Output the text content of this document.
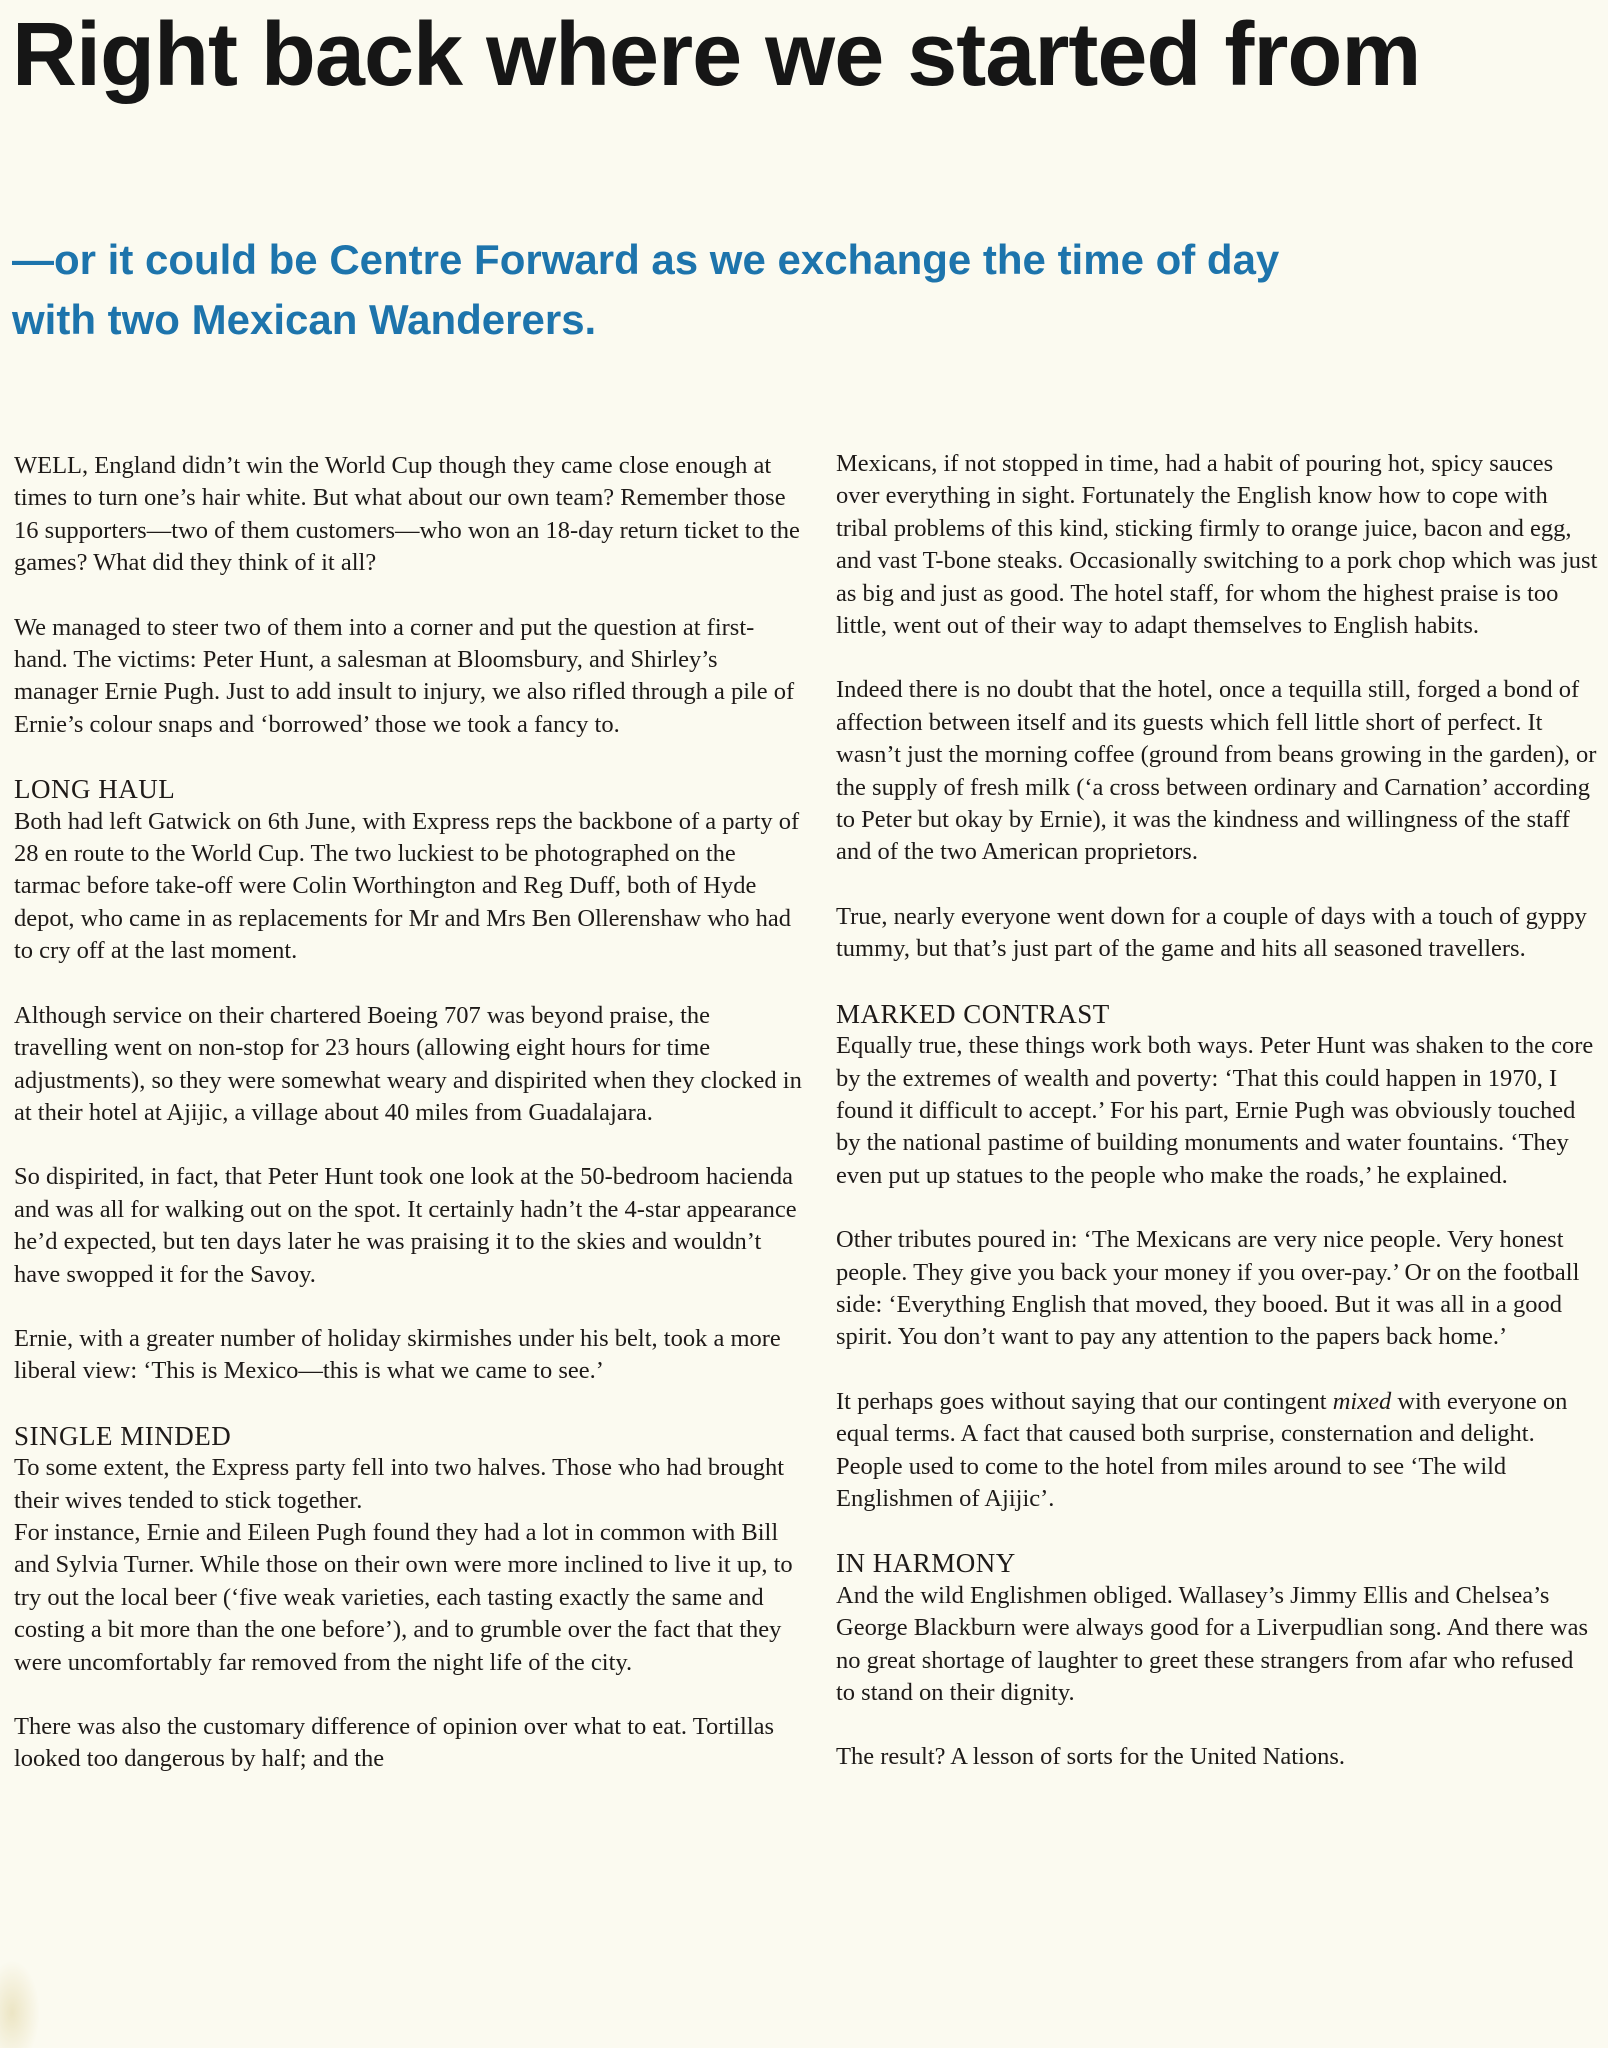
Right back where we started from

—or it could be Centre Forward as we exchange the time of day with two Mexican Wanderers.

WELL, England didn’t win the World Cup though they came close enough at times to turn one’s hair white. But what about our own team? Remember those 16 supporters—two of them customers—who won an 18-day return ticket to the games? What did they think of it all?

We managed to steer two of them into a corner and put the question at first-hand. The victims: Peter Hunt, a salesman at Bloomsbury, and Shirley’s manager Ernie Pugh. Just to add insult to injury, we also rifled through a pile of Ernie’s colour snaps and ‘borrowed’ those we took a fancy to.

LONG HAUL

Both had left Gatwick on 6th June, with Express reps the backbone of a party of 28 en route to the World Cup. The two luckiest to be photographed on the tarmac before take-off were Colin Worthington and Reg Duff, both of Hyde depot, who came in as replacements for Mr and Mrs Ben Ollerenshaw who had to cry off at the last moment.

Although service on their chartered Boeing 707 was beyond praise, the travelling went on non-stop for 23 hours (allowing eight hours for time adjustments), so they were somewhat weary and dispirited when they clocked in at their hotel at Ajijic, a village about 40 miles from Guadalajara.

So dispirited, in fact, that Peter Hunt took one look at the 50-bedroom hacienda and was all for walking out on the spot. It certainly hadn’t the 4-star appearance he’d expected, but ten days later he was praising it to the skies and wouldn’t have swopped it for the Savoy.

Ernie, with a greater number of holiday skirmishes under his belt, took a more liberal view: ‘This is Mexico—this is what we came to see.’

SINGLE MINDED

To some extent, the Express party fell into two halves. Those who had brought their wives tended to stick together.

For instance, Ernie and Eileen Pugh found they had a lot in common with Bill and Sylvia Turner. While those on their own were more inclined to live it up, to try out the local beer (‘five weak varieties, each tasting exactly the same and costing a bit more than the one before’), and to grumble over the fact that they were uncomfortably far removed from the night life of the city.

There was also the customary difference of opinion over what to eat. Tortillas looked too dangerous by half; and the

Mexicans, if not stopped in time, had a habit of pouring hot, spicy sauces over everything in sight. Fortunately the English know how to cope with tribal problems of this kind, sticking firmly to orange juice, bacon and egg, and vast T-bone steaks. Occasionally switching to a pork chop which was just as big and just as good. The hotel staff, for whom the highest praise is too little, went out of their way to adapt themselves to English habits.

Indeed there is no doubt that the hotel, once a tequilla still, forged a bond of affection between itself and its guests which fell little short of perfect. It wasn’t just the morning coffee (ground from beans growing in the garden), or the supply of fresh milk (‘a cross between ordinary and Carnation’ according to Peter but okay by Ernie), it was the kindness and willingness of the staff and of the two American proprietors.

True, nearly everyone went down for a couple of days with a touch of gyppy tummy, but that’s just part of the game and hits all seasoned travellers.

MARKED CONTRAST

Equally true, these things work both ways. Peter Hunt was shaken to the core by the extremes of wealth and poverty: ‘That this could happen in 1970, I found it difficult to accept.’ For his part, Ernie Pugh was obviously touched by the national pastime of building monuments and water fountains. ‘They even put up statues to the people who make the roads,’ he explained.

Other tributes poured in: ‘The Mexicans are very nice people. Very honest people. They give you back your money if you over-pay.’ Or on the football side: ‘Everything English that moved, they booed. But it was all in a good spirit. You don’t want to pay any attention to the papers back home.’

It perhaps goes without saying that our contingent mixed with everyone on equal terms. A fact that caused both surprise, consternation and delight. People used to come to the hotel from miles around to see ‘The wild Englishmen of Ajijic’.

IN HARMONY

And the wild Englishmen obliged. Wallasey’s Jimmy Ellis and Chelsea’s George Blackburn were always good for a Liverpudlian song. And there was no great shortage of laughter to greet these strangers from afar who refused to stand on their dignity.

The result? A lesson of sorts for the United Nations.
